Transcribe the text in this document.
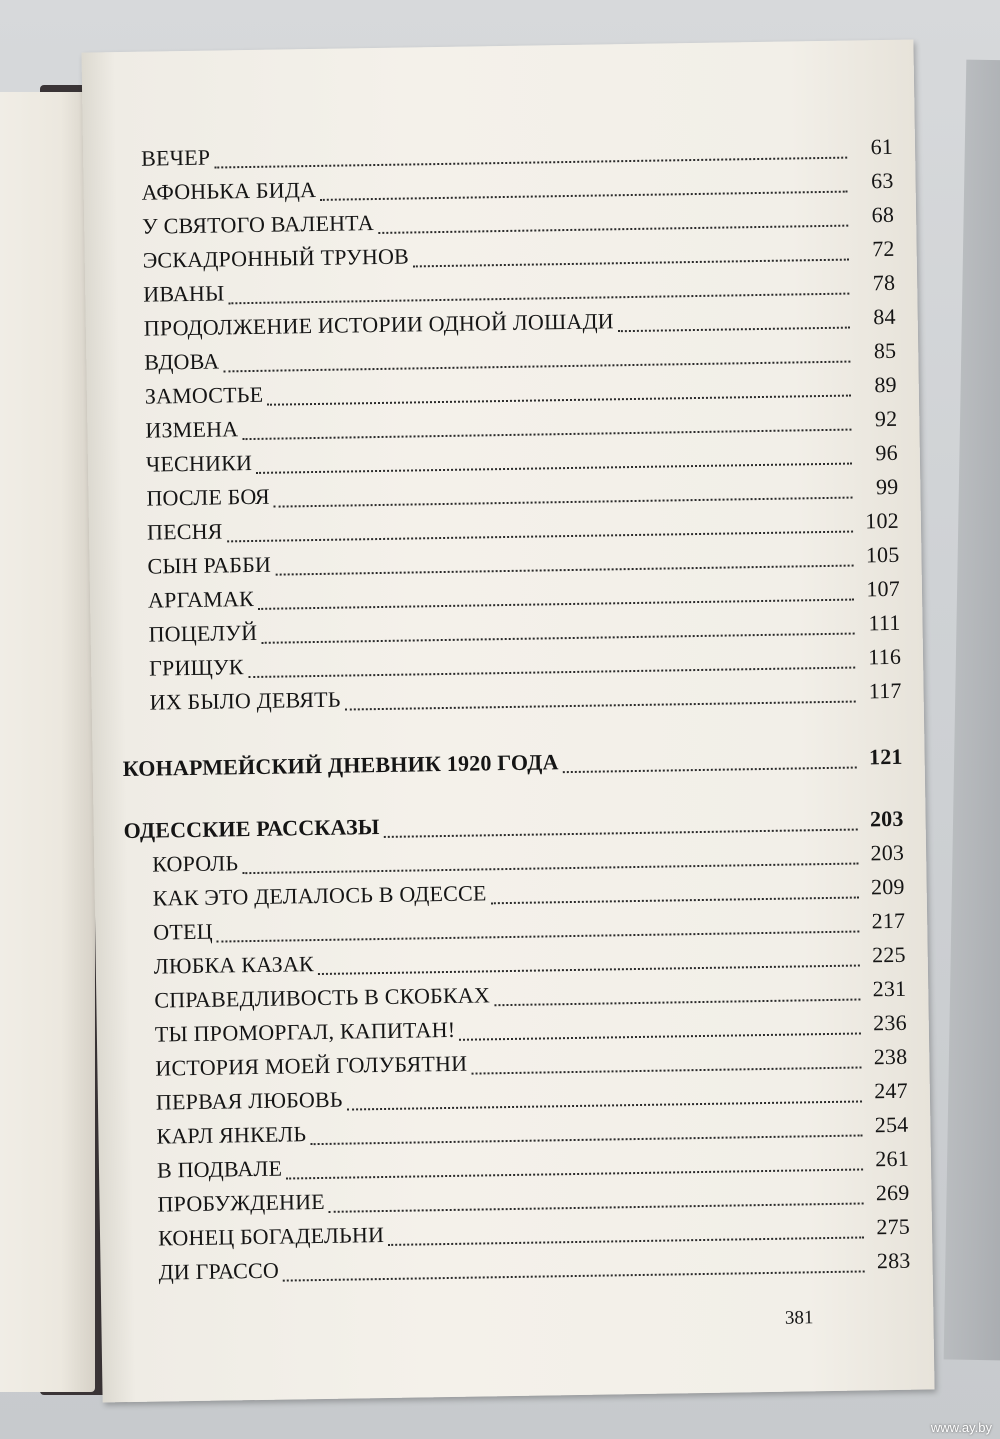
ВЕЧЕР	61
АФОНЬКА БИДА	63
У СВЯТОГО ВАЛЕНТА	68
ЭСКАДРОННЫЙ ТРУНОВ	72
ИВАНЫ	78
ПРОДОЛЖЕНИЕ ИСТОРИИ ОДНОЙ ЛОШАДИ	84
ВДОВА	85
ЗАМОСТЬЕ	89
ИЗМЕНА	92
ЧЕСНИКИ	96
ПОСЛЕ БОЯ	99
ПЕСНЯ	102
СЫН РАББИ	105
АРГАМАК	107
ПОЦЕЛУЙ	111
ГРИЩУК	116
ИХ БЫЛО ДЕВЯТЬ	117
КОНАРМЕЙСКИЙ ДНЕВНИК 1920 ГОДА	121
ОДЕССКИЕ РАССКАЗЫ	203
КОРОЛЬ	203
КАК ЭТО ДЕЛАЛОСЬ В ОДЕССЕ	209
ОТЕЦ	217
ЛЮБКА КАЗАК	225
СПРАВЕДЛИВОСТЬ В СКОБКАХ	231
ТЫ ПРОМОРГАЛ, КАПИТАН!	236
ИСТОРИЯ МОЕЙ ГОЛУБЯТНИ	238
ПЕРВАЯ ЛЮБОВЬ	247
КАРЛ ЯНКЕЛЬ	254
В ПОДВАЛЕ	261
ПРОБУЖДЕНИЕ	269
КОНЕЦ БОГАДЕЛЬНИ	275
ДИ ГРАССО	283
381
www.ay.by
